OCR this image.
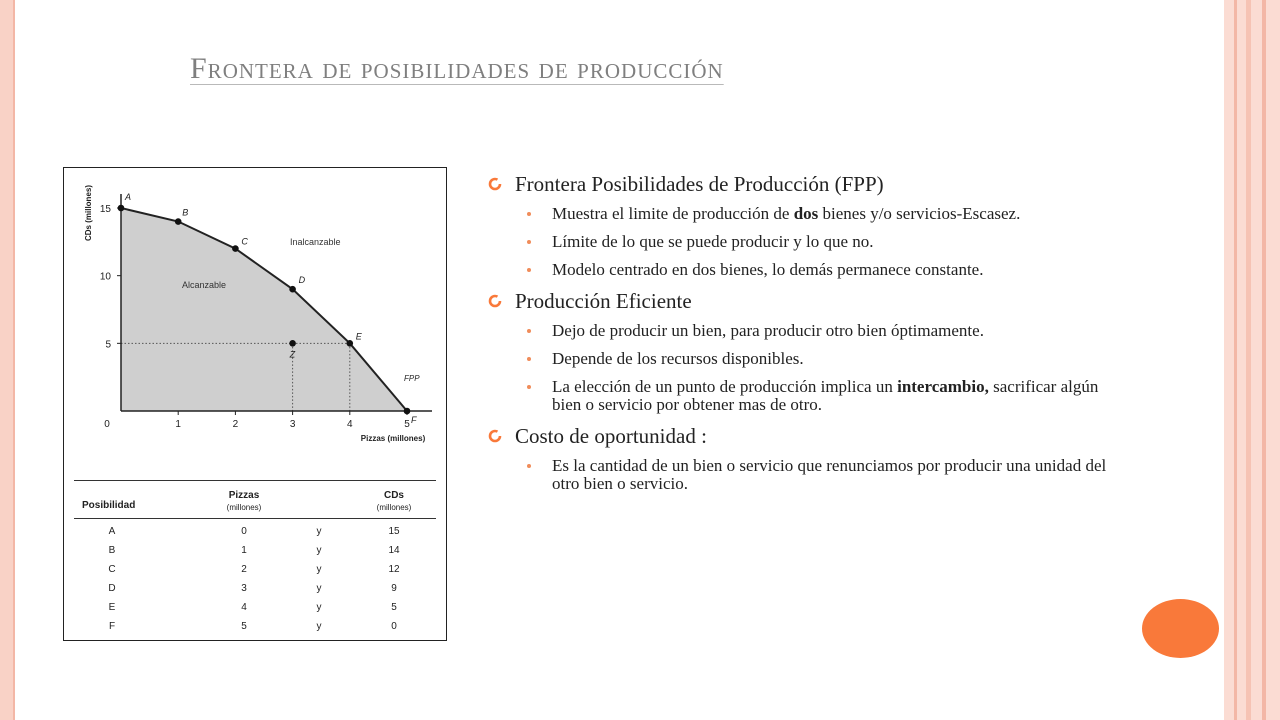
Frontera de posibilidades de producción
0	1	2	3	4	5
5
10
15
CDs (millones)
Pizzas (millones)
Inalcanzable
Alcanzable
FPP
A
B
C
D
E
F
Z
Posibilidad
Pizzas
(millones)
CDs
(millones)
A	0	y	15
B	1	y	14
C	2	y	12
D	3	y	9
E	4	y	5
F	5	y	0
Frontera Posibilidades de Producción (FPP)
Muestra el limite de producción de dos bienes y/o servicios-Escasez.
Límite de lo que se puede producir y lo que no.
Modelo centrado en dos bienes, lo demás permanece constante.
Producción Eficiente
Dejo de producir un bien, para producir otro bien óptimamente.
Depende de los recursos disponibles.
La elección de un punto de producción implica un intercambio, sacrificar algún bien o servicio por obtener mas de otro.
Costo de oportunidad :
Es la cantidad de un bien o servicio que renunciamos por producir una unidad del otro bien o servicio.
